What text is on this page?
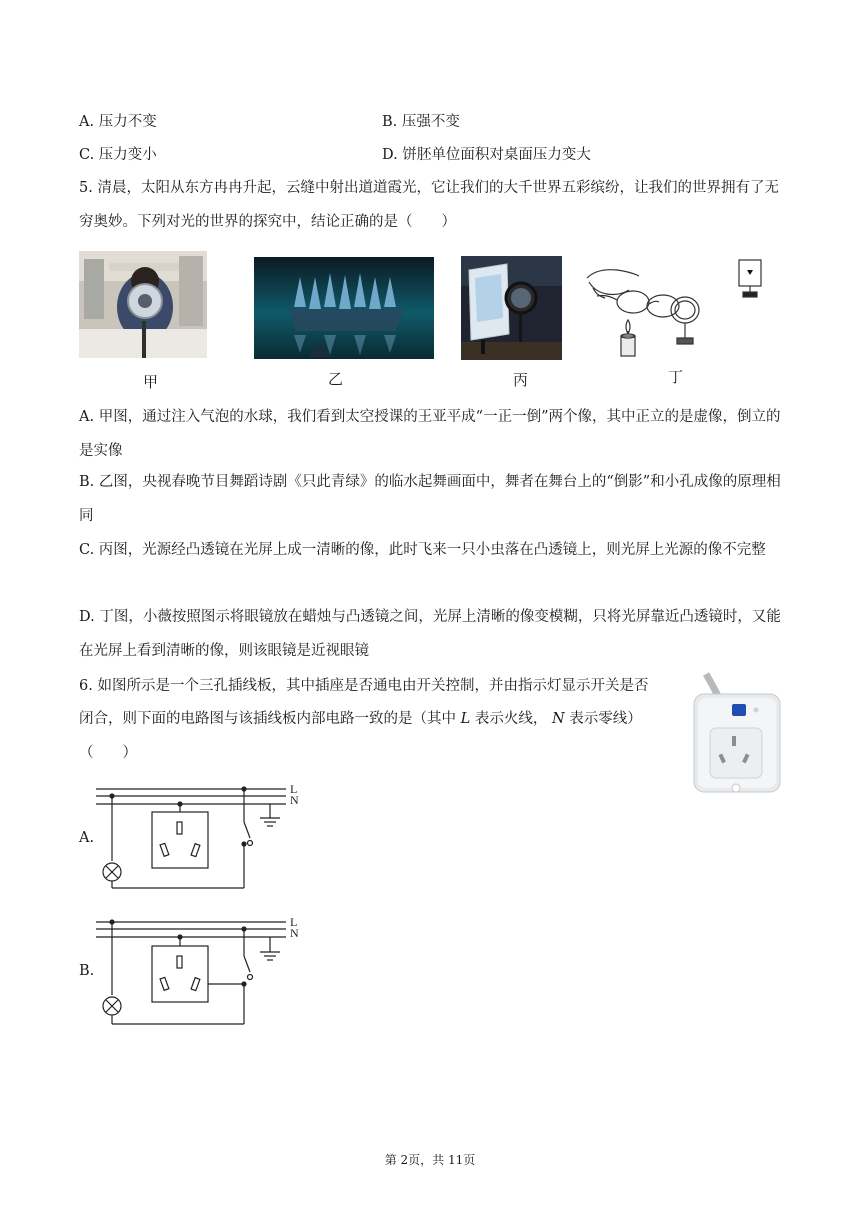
A. 压力不变	B. 压强不变
C. 压力变小	D. 饼胚单位面积对桌面压力变大
5. 清晨，太阳从东方冉冉升起，云缝中射出道道霞光，它让我们的大千世界五彩缤纷，让我们的世界拥有了无穷奥妙。下列对光的世界的探究中，结论正确的是（　　）
甲	乙	丙	丁
A. 甲图，通过注入气泡的水球，我们看到太空授课的王亚平成“一正一倒”两个像，其中正立的是虚像，倒立的是实像
B. 乙图，央视春晚节目舞蹈诗剧《只此青绿》的临水起舞画面中，舞者在舞台上的“倒影”和小孔成像的原理相同
C. 丙图，光源经凸透镜在光屏上成一清晰的像，此时飞来一只小虫落在凸透镜上，则光屏上光源的像不完整
D. 丁图，小薇按照图示将眼镜放在蜡烛与凸透镜之间，光屏上清晰的像变模糊，只将光屏靠近凸透镜时，又能在光屏上看到清晰的像，则该眼镜是近视眼镜
6. 如图所示是一个三孔插线板，其中插座是否通电由开关控制，并由指示灯显示开关是否
闭合，则下面的电路图与该插线板内部电路一致的是（其中 L 表示火线， N 表示零线）
（　　）
A.
L
N
B.
L
N
第 2页，共 11页
